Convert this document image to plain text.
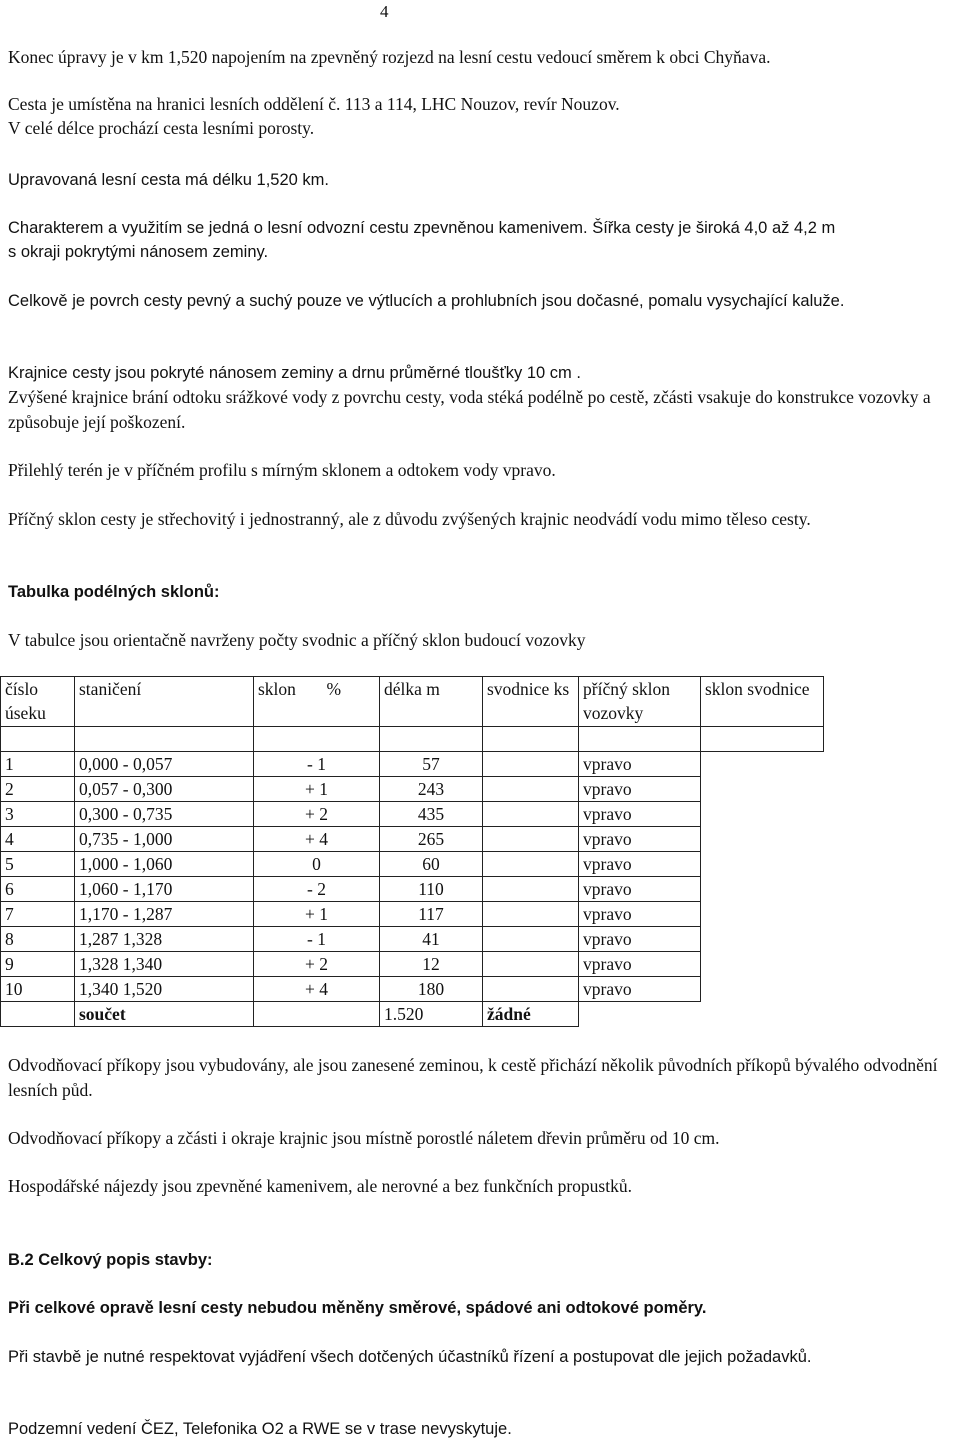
4

Konec úpravy je v km 1,520 napojením na zpevněný rozjezd na lesní cestu vedoucí směrem k obci Chyňava.

Cesta je umístěna na hranici lesních oddělení č. 113 a 114, LHC Nouzov, revír Nouzov.

V celé délce prochází cesta lesními porosty.

Upravovaná lesní cesta má délku 1,520 km.

Charakterem a využitím se jedná o lesní odvozní cestu zpevněnou kamenivem. Šířka cesty je široká 4,0 až 4,2 m

s okraji pokrytými nánosem zeminy.

Celkově je povrch cesty pevný a suchý pouze ve výtlucích a prohlubních jsou dočasné, pomalu vysychající kaluže.

Krajnice cesty jsou pokryté nánosem zeminy a drnu průměrné tloušťky 10 cm .

Zvýšené krajnice brání odtoku srážkové vody z povrchu cesty, voda stéká podélně po cestě, zčásti vsakuje do konstrukce vozovky a způsobuje její poškození.

Přilehlý terén je v příčném profilu s mírným sklonem a odtokem vody vpravo.

Příčný sklon cesty je střechovitý i jednostranný, ale z důvodu zvýšených krajnic neodvádí vodu mimo těleso cesty.

Tabulka podélných sklonů:

V tabulce jsou orientačně navrženy počty svodnic a příčný sklon budoucí vozovky

číslo úseku	staničení	sklon       %	délka m	svodnice ks	příčný sklon vozovky	sklon svodnice

1	0,000 - 0,057	- 1	57		vpravo	
2	0,057 - 0,300	+ 1	243		vpravo	
3	0,300 - 0,735	+ 2	435		vpravo	
4	0,735 - 1,000	+ 4	265		vpravo	
5	1,000 - 1,060	0	60		vpravo	
6	1,060 - 1,170	- 2	110		vpravo	
7	1,170 - 1,287	+ 1	117		vpravo	
8	1,287 1,328	- 1	41		vpravo	
9	1,328 1,340	+ 2	12		vpravo	
10	1,340 1,520	+ 4	180		vpravo	
	součet		1.520	žádné		

Odvodňovací příkopy jsou vybudovány, ale jsou zanesené zeminou, k cestě přichází několik původních příkopů bývalého odvodnění lesních půd.

Odvodňovací příkopy a zčásti i okraje krajnic jsou místně porostlé náletem dřevin průměru od 10 cm.

Hospodářské nájezdy jsou zpevněné kamenivem, ale nerovné a bez funkčních propustků.

B.2 Celkový popis stavby:

Při celkové opravě lesní cesty nebudou měněny směrové, spádové ani odtokové poměry.

Při stavbě je nutné respektovat vyjádření všech dotčených účastníků řízení a postupovat dle jejich požadavků.

Podzemní vedení ČEZ, Telefonika O2 a RWE se v trase nevyskytuje.
